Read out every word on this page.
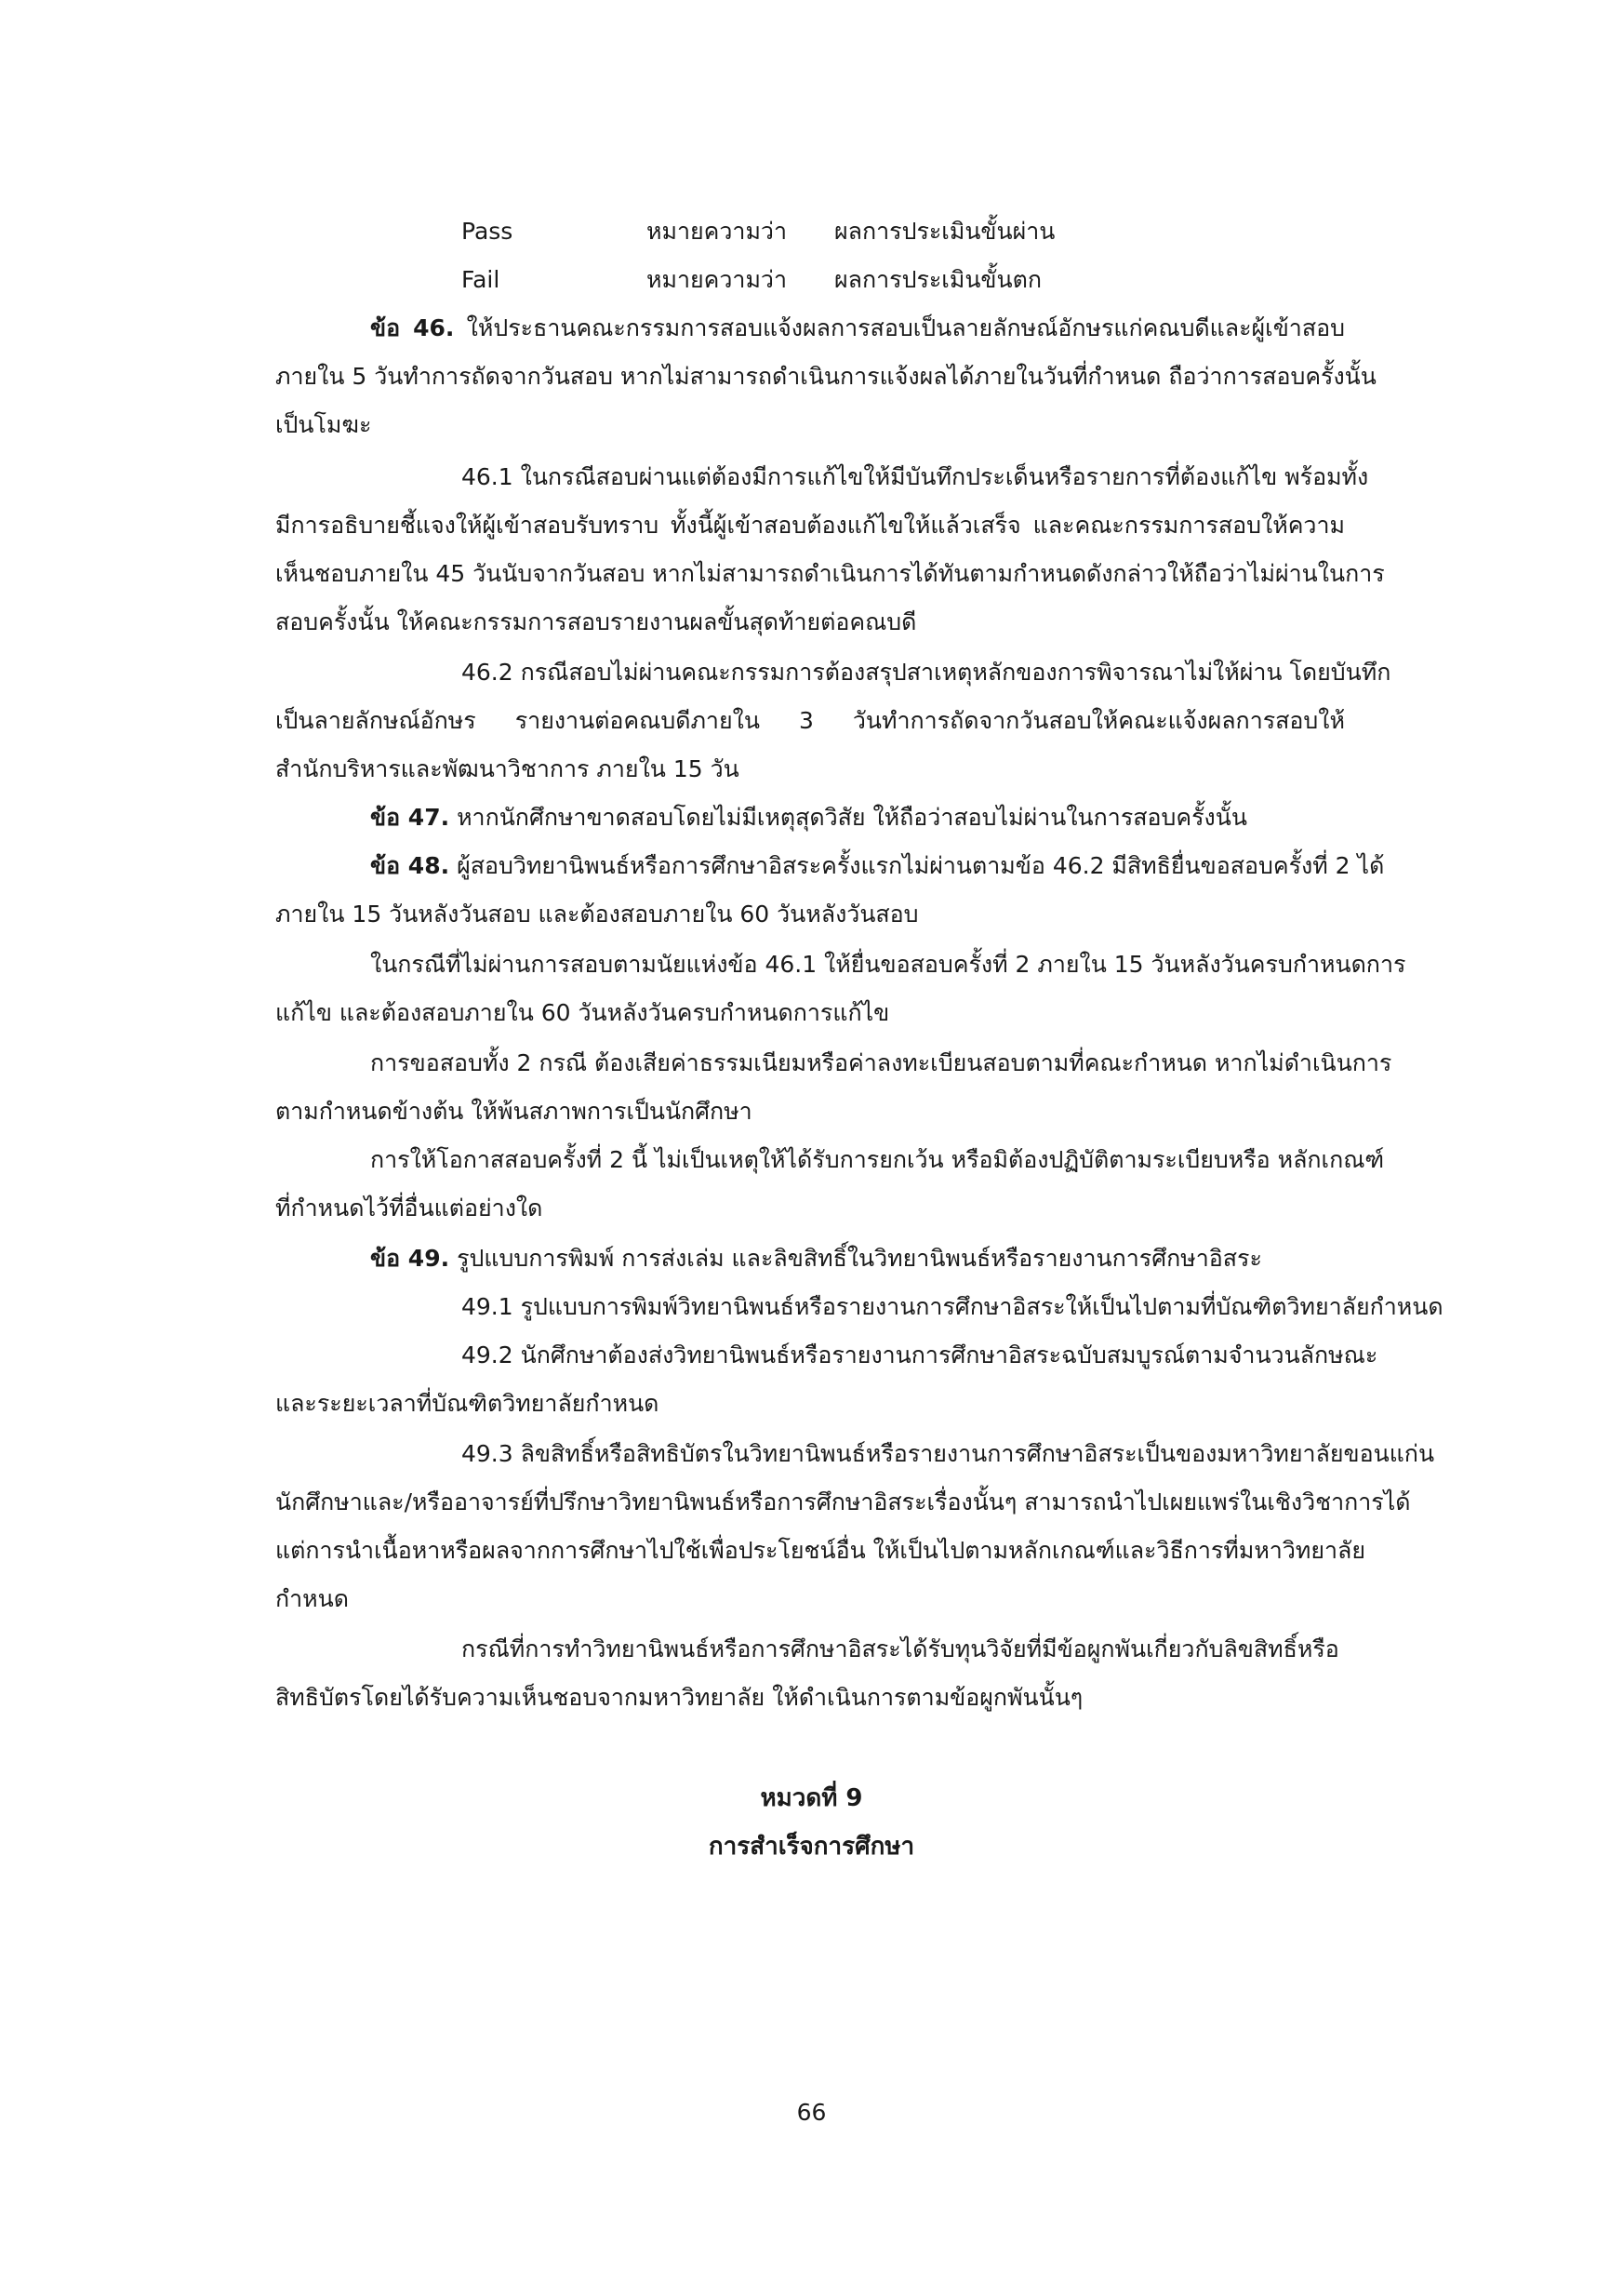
Pass	หมายความว่า ผลการประเมินขั้นผ่าน
Fail	หมายความว่า ผลการประเมินขั้นตก
ข้อ 46. ให้ประธานคณะกรรมการสอบแจ้งผลการสอบเป็นลายลักษณ์อักษรแก่คณบดีและผู้เข้าสอบ
ภายใน 5 วันทำการถัดจากวันสอบ หากไม่สามารถดำเนินการแจ้งผลได้ภายในวันที่กำหนด ถือว่าการสอบครั้งนั้น
เป็นโมฆะ
46.1 ในกรณีสอบผ่านแต่ต้องมีการแก้ไขให้มีบันทึกประเด็นหรือรายการที่ต้องแก้ไข พร้อมทั้ง
มีการอธิบายชี้แจงให้ผู้เข้าสอบรับทราบ ทั้งนี้ผู้เข้าสอบต้องแก้ไขให้แล้วเสร็จ และคณะกรรมการสอบให้ความ
เห็นชอบภายใน 45 วันนับจากวันสอบ หากไม่สามารถดำเนินการได้ทันตามกำหนดดังกล่าวให้ถือว่าไม่ผ่านในการ
สอบครั้งนั้น ให้คณะกรรมการสอบรายงานผลขั้นสุดท้ายต่อคณบดี
46.2 กรณีสอบไม่ผ่านคณะกรรมการต้องสรุปสาเหตุหลักของการพิจารณาไม่ให้ผ่าน โดยบันทึก
เป็นลายลักษณ์อักษร รายงานต่อคณบดีภายใน 3 วันทำการถัดจากวันสอบให้คณะแจ้งผลการสอบให้
สำนักบริหารและพัฒนาวิชาการ ภายใน 15 วัน
ข้อ 47. หากนักศึกษาขาดสอบโดยไม่มีเหตุสุดวิสัย ให้ถือว่าสอบไม่ผ่านในการสอบครั้งนั้น
ข้อ 48. ผู้สอบวิทยานิพนธ์หรือการศึกษาอิสระครั้งแรกไม่ผ่านตามข้อ 46.2 มีสิทธิยื่นขอสอบครั้งที่ 2 ได้
ภายใน 15 วันหลังวันสอบ และต้องสอบภายใน 60 วันหลังวันสอบ
ในกรณีที่ไม่ผ่านการสอบตามนัยแห่งข้อ 46.1 ให้ยื่นขอสอบครั้งที่ 2 ภายใน 15 วันหลังวันครบกำหนดการ
แก้ไข และต้องสอบภายใน 60 วันหลังวันครบกำหนดการแก้ไข
การขอสอบทั้ง 2 กรณี ต้องเสียค่าธรรมเนียมหรือค่าลงทะเบียนสอบตามที่คณะกำหนด หากไม่ดำเนินการ
ตามกำหนดข้างต้น ให้พ้นสภาพการเป็นนักศึกษา
การให้โอกาสสอบครั้งที่ 2 นี้ ไม่เป็นเหตุให้ได้รับการยกเว้น หรือมิต้องปฏิบัติตามระเบียบหรือ หลักเกณฑ์
ที่กำหนดไว้ที่อื่นแต่อย่างใด
ข้อ 49. รูปแบบการพิมพ์ การส่งเล่ม และลิขสิทธิ์ในวิทยานิพนธ์หรือรายงานการศึกษาอิสระ
49.1 รูปแบบการพิมพ์วิทยานิพนธ์หรือรายงานการศึกษาอิสระให้เป็นไปตามที่บัณฑิตวิทยาลัยกำหนด
49.2 นักศึกษาต้องส่งวิทยานิพนธ์หรือรายงานการศึกษาอิสระฉบับสมบูรณ์ตามจำนวนลักษณะ
และระยะเวลาที่บัณฑิตวิทยาลัยกำหนด
49.3 ลิขสิทธิ์หรือสิทธิบัตรในวิทยานิพนธ์หรือรายงานการศึกษาอิสระเป็นของมหาวิทยาลัยขอนแก่น
นักศึกษาและ/หรืออาจารย์ที่ปรึกษาวิทยานิพนธ์หรือการศึกษาอิสระเรื่องนั้นๆ สามารถนำไปเผยแพร่ในเชิงวิชาการได้
แต่การนำเนื้อหาหรือผลจากการศึกษาไปใช้เพื่อประโยชน์อื่น ให้เป็นไปตามหลักเกณฑ์และวิธีการที่มหาวิทยาลัย
กำหนด
กรณีที่การทำวิทยานิพนธ์หรือการศึกษาอิสระได้รับทุนวิจัยที่มีข้อผูกพันเกี่ยวกับลิขสิทธิ์หรือ
สิทธิบัตรโดยได้รับความเห็นชอบจากมหาวิทยาลัย ให้ดำเนินการตามข้อผูกพันนั้นๆ
หมวดที่ 9
การสำเร็จการศึกษา
66
